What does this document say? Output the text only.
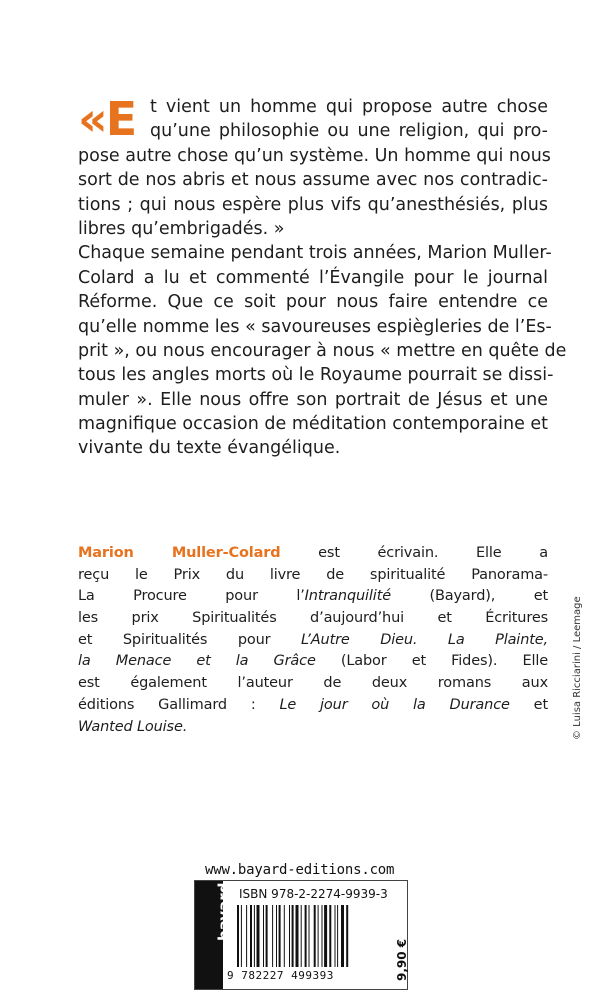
«E t vient un homme qui propose autre chose
qu’une philosophie ou une religion, qui pro-
pose autre chose qu’un système. Un homme qui nous
sort de nos abris et nous assume avec nos contradic-
tions ; qui nous espère plus vifs qu’anesthésiés, plus
libres qu’embrigadés. »
Chaque semaine pendant trois années, Marion Muller-
Colard a lu et commenté l’Évangile pour le journal
Réforme. Que ce soit pour nous faire entendre ce
qu’elle nomme les « savoureuses espiègleries de l’Es-
prit », ou nous encourager à nous « mettre en quête de
tous les angles morts où le Royaume pourrait se dissi-
muler ». Elle nous offre son portrait de Jésus et une
magnifique occasion de méditation contemporaine et
vivante du texte évangélique.
Marion Muller-Colard est écrivain. Elle a
reçu le Prix du livre de spiritualité Panorama-
La Procure pour l’Intranquilité (Bayard), et
les prix Spiritualités d’aujourd’hui et Écritures
et Spiritualités pour L’Autre Dieu. La Plainte,
la Menace et la Grâce (Labor et Fides). Elle
est également l’auteur de deux romans aux
éditions Gallimard : Le jour où la Durance et
Wanted Louise.	© Luisa Ricciarini / Leemage
www.bayard-editions.com
bayard ISBN 978-2-2274-9939-3
9 782227 499393	9,90 €
